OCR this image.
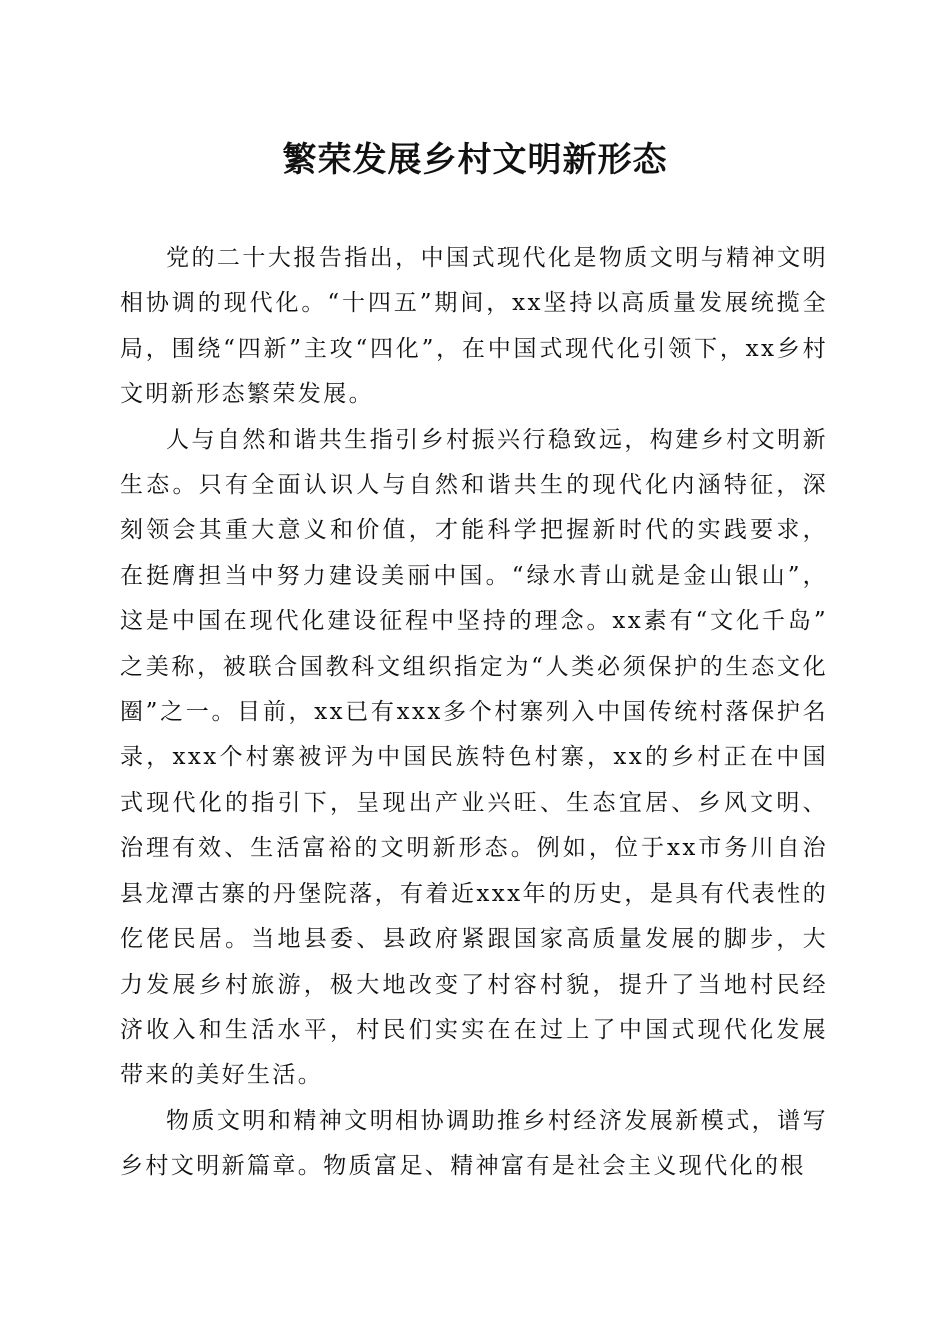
繁荣发展乡村文明新形态

党的二十大报告指出，中国式现代化是物质文明与精神文明相协调的现代化。“十四五”期间，xx坚持以高质量发展统揽全局，围绕“四新”主攻“四化”，在中国式现代化引领下，xx乡村文明新形态繁荣发展。

人与自然和谐共生指引乡村振兴行稳致远，构建乡村文明新生态。只有全面认识人与自然和谐共生的现代化内涵特征，深刻领会其重大意义和价值，才能科学把握新时代的实践要求，在挺膺担当中努力建设美丽中国。“绿水青山就是金山银山”，这是中国在现代化建设征程中坚持的理念。xx素有“文化千岛”之美称，被联合国教科文组织指定为“人类必须保护的生态文化圈”之一。目前，xx已有xxx多个村寨列入中国传统村落保护名录，xxx个村寨被评为中国民族特色村寨，xx的乡村正在中国式现代化的指引下，呈现出产业兴旺、生态宜居、乡风文明、治理有效、生活富裕的文明新形态。例如，位于xx市务川自治县龙潭古寨的丹堡院落，有着近xxx年的历史，是具有代表性的仡佬民居。当地县委、县政府紧跟国家高质量发展的脚步，大力发展乡村旅游，极大地改变了村容村貌，提升了当地村民经济收入和生活水平，村民们实实在在过上了中国式现代化发展带来的美好生活。

物质文明和精神文明相协调助推乡村经济发展新模式，谱写乡村文明新篇章。物质富足、精神富有是社会主义现代化的根
